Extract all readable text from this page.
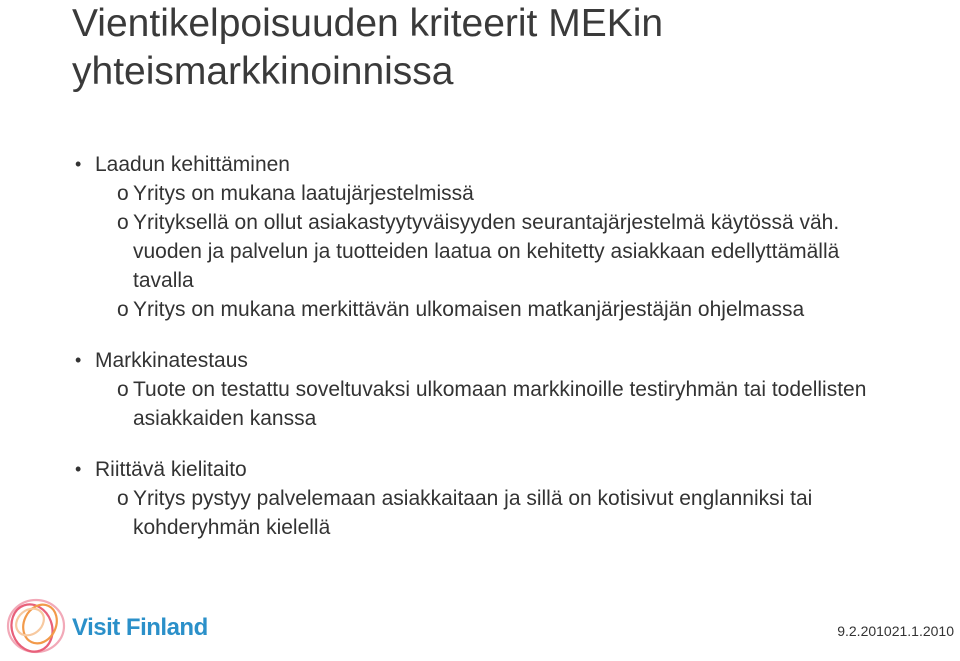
Vientikelpoisuuden kriteerit MEKin
yhteismarkkinoinnissa
• Laadun kehittäminen
o Yritys on mukana laatujärjestelmissä
o Yrityksellä on ollut asiakastyytyväisyyden seurantajärjestelmä käytössä väh. vuoden ja palvelun ja tuotteiden laatua on kehitetty asiakkaan edellyttämällä tavalla
o Yritys on mukana merkittävän ulkomaisen matkanjärjestäjän ohjelmassa
• Markkinatestaus
o Tuote on testattu soveltuvaksi ulkomaan markkinoille testiryhmän tai todellisten asiakkaiden kanssa
• Riittävä kielitaito
o Yritys pystyy palvelemaan asiakkaitaan ja sillä on kotisivut englanniksi tai kohderyhmän kielellä
Visit Finland	9.2.201021.1.2010
